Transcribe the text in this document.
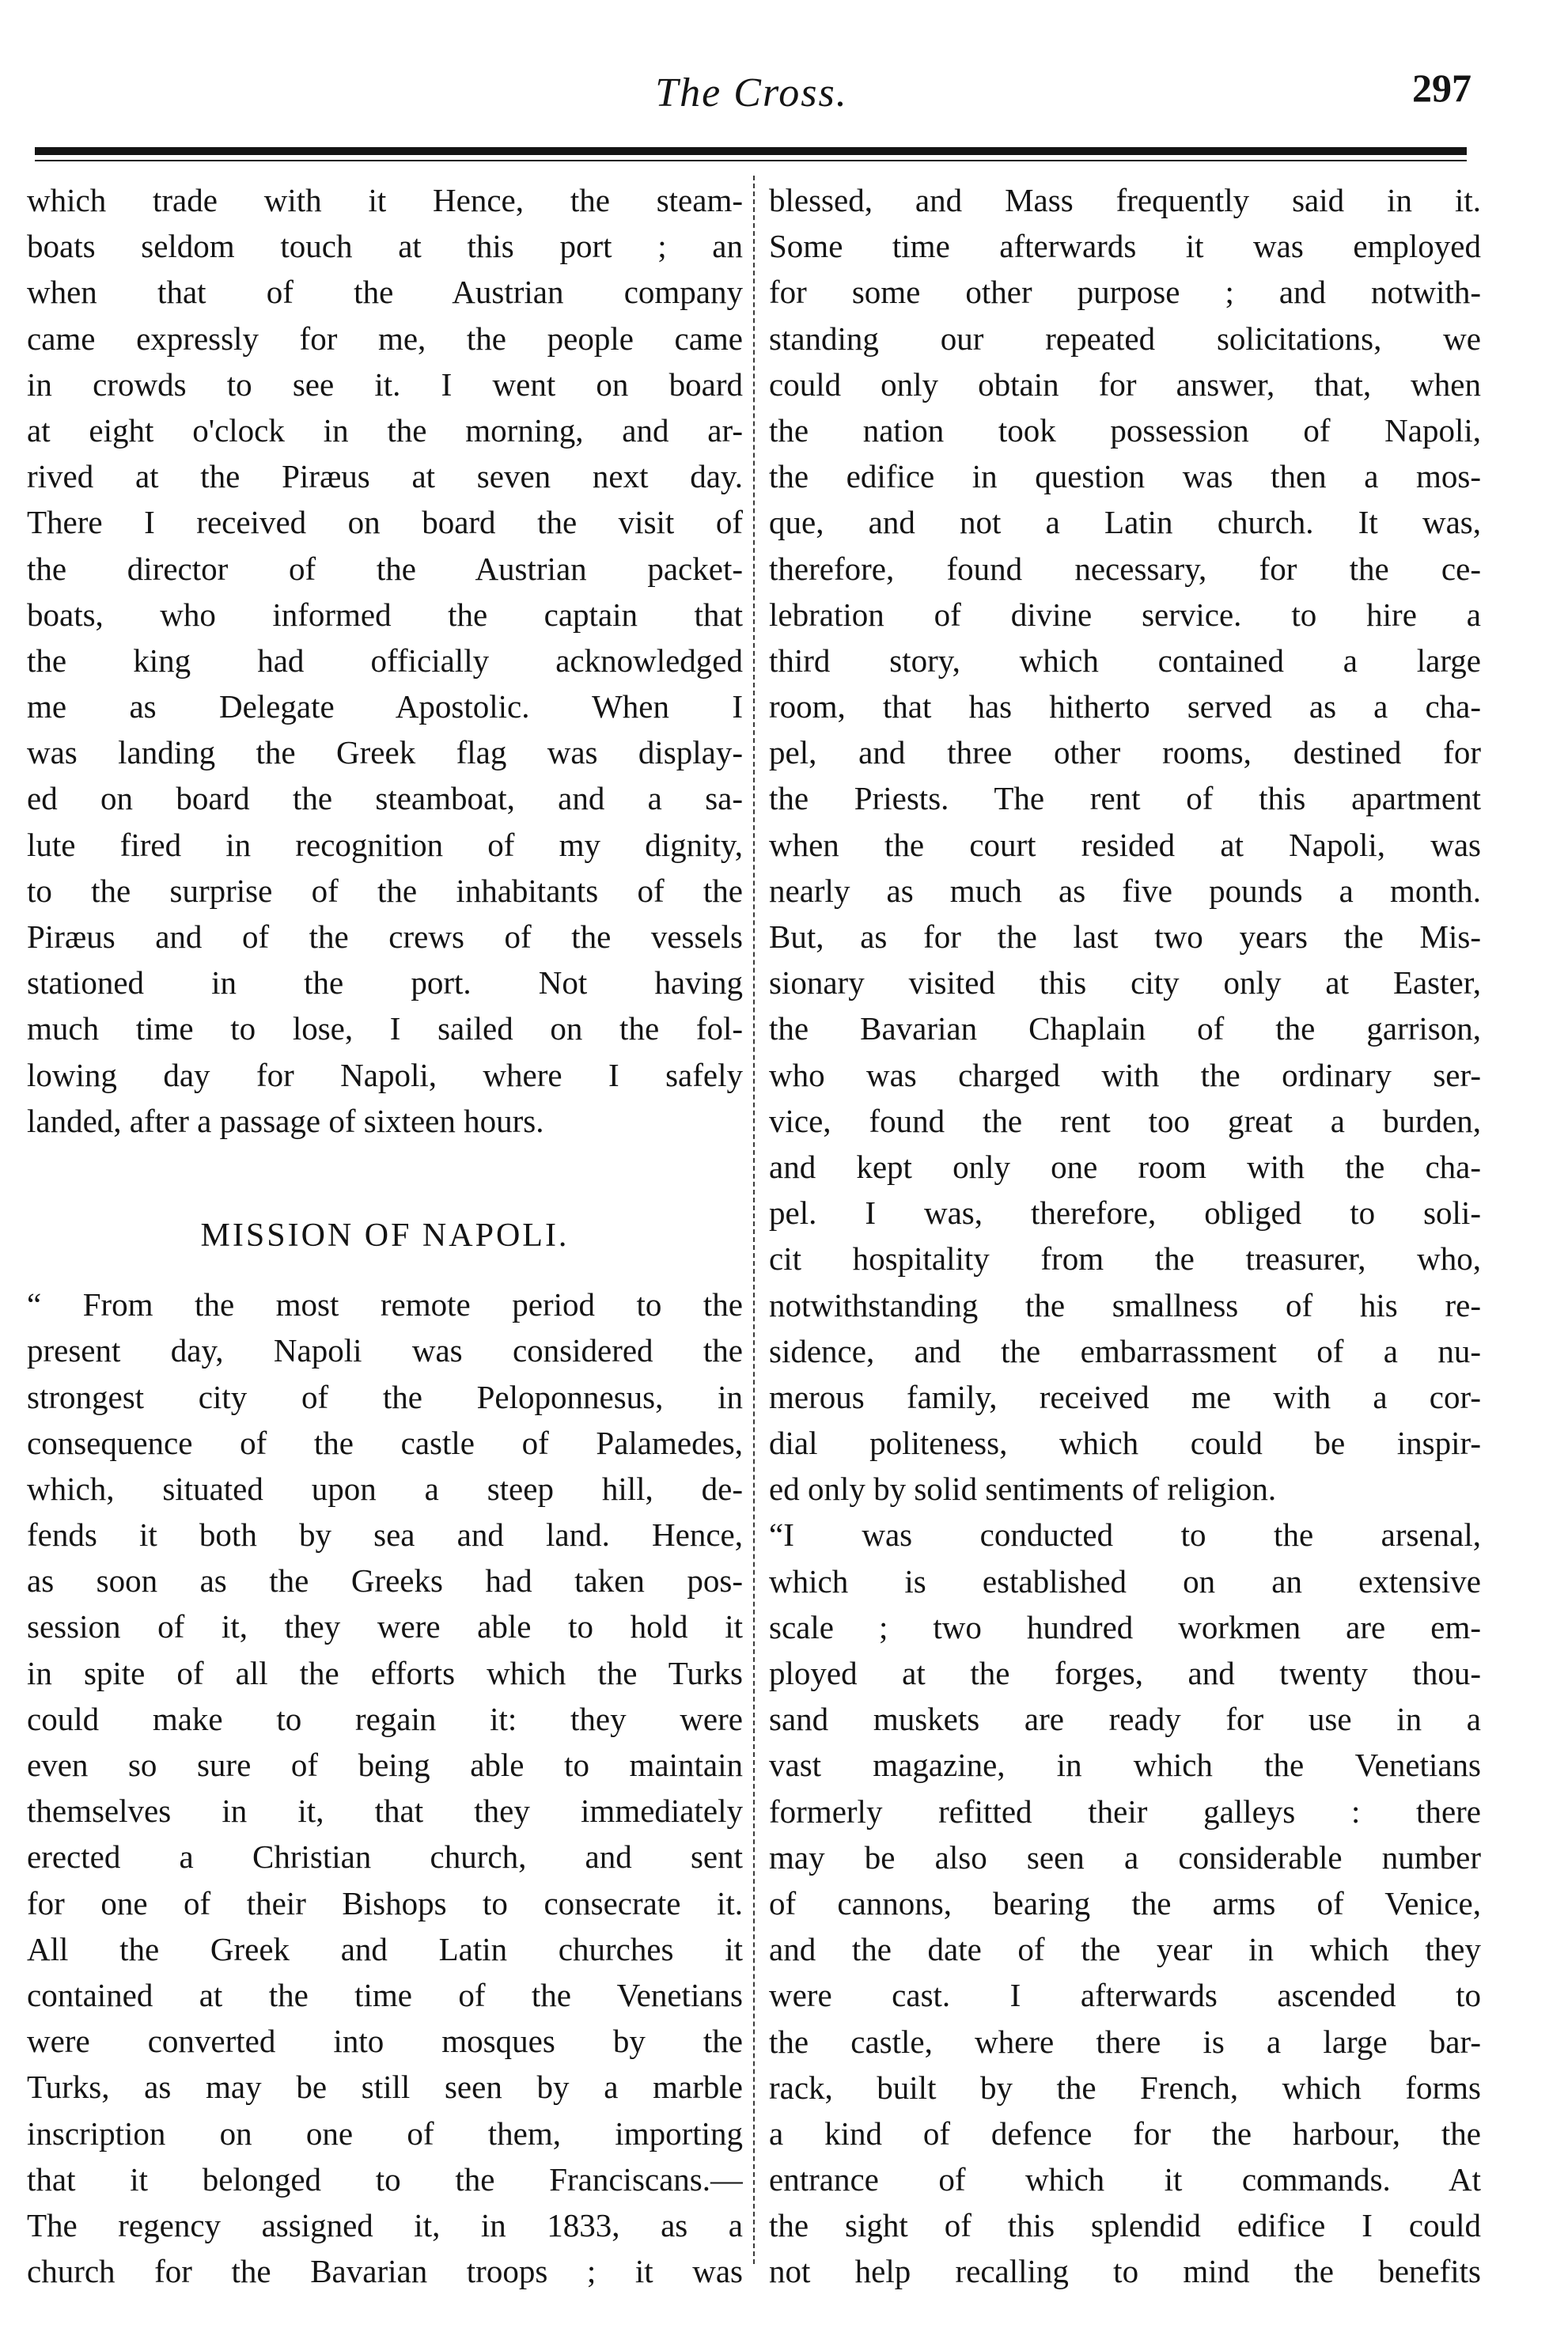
The Cross.	297
which trade with it Hence, the steam-
boats seldom touch at this port ; an
when that of the Austrian company
came expressly for me, the people came
in crowds to see it. I went on board
at eight o'clock in the morning, and ar-
rived at the Piræus at seven next day.
There I received on board the visit of
the director of the Austrian packet-
boats, who informed the captain that
the king had officially acknowledged
me as Delegate Apostolic. When I
was landing the Greek flag was display-
ed on board the steamboat, and a sa-
lute fired in recognition of my dignity,
to the surprise of the inhabitants of the
Piræus and of the crews of the vessels
stationed in the port. Not having
much time to lose, I sailed on the fol-
lowing day for Napoli, where I safely
landed, after a passage of sixteen hours.
MISSION OF NAPOLI.
“ From the most remote period to the
present day, Napoli was considered the
strongest city of the Peloponnesus, in
consequence of the castle of Palamedes,
which, situated upon a steep hill, de-
fends it both by sea and land. Hence,
as soon as the Greeks had taken pos-
session of it, they were able to hold it
in spite of all the efforts which the Turks
could make to regain it: they were
even so sure of being able to maintain
themselves in it, that they immediately
erected a Christian church, and sent
for one of their Bishops to consecrate it.
All the Greek and Latin churches it
contained at the time of the Venetians
were converted into mosques by the
Turks, as may be still seen by a marble
inscription on one of them, importing
that it belonged to the Franciscans.—
The regency assigned it, in 1833, as a
church for the Bavarian troops ; it was
blessed, and Mass frequently said in it.
Some time afterwards it was employed
for some other purpose ; and notwith-
standing our repeated solicitations, we
could only obtain for answer, that, when
the nation took possession of Napoli,
the edifice in question was then a mos-
que, and not a Latin church. It was,
therefore, found necessary, for the ce-
lebration of divine service. to hire a
third story, which contained a large
room, that has hitherto served as a cha-
pel, and three other rooms, destined for
the Priests. The rent of this apartment
when the court resided at Napoli, was
nearly as much as five pounds a month.
But, as for the last two years the Mis-
sionary visited this city only at Easter,
the Bavarian Chaplain of the garrison,
who was charged with the ordinary ser-
vice, found the rent too great a burden,
and kept only one room with the cha-
pel. I was, therefore, obliged to soli-
cit hospitality from the treasurer, who,
notwithstanding the smallness of his re-
sidence, and the embarrassment of a nu-
merous family, received me with a cor-
dial politeness, which could be inspir-
ed only by solid sentiments of religion.
“I was conducted to the arsenal,
which is established on an extensive
scale ; two hundred workmen are em-
ployed at the forges, and twenty thou-
sand muskets are ready for use in a
vast magazine, in which the Venetians
formerly refitted their galleys : there
may be also seen a considerable number
of cannons, bearing the arms of Venice,
and the date of the year in which they
were cast. I afterwards ascended to
the castle, where there is a large bar-
rack, built by the French, which forms
a kind of defence for the harbour, the
entrance of which it commands. At
the sight of this splendid edifice I could
not help recalling to mind the benefits
